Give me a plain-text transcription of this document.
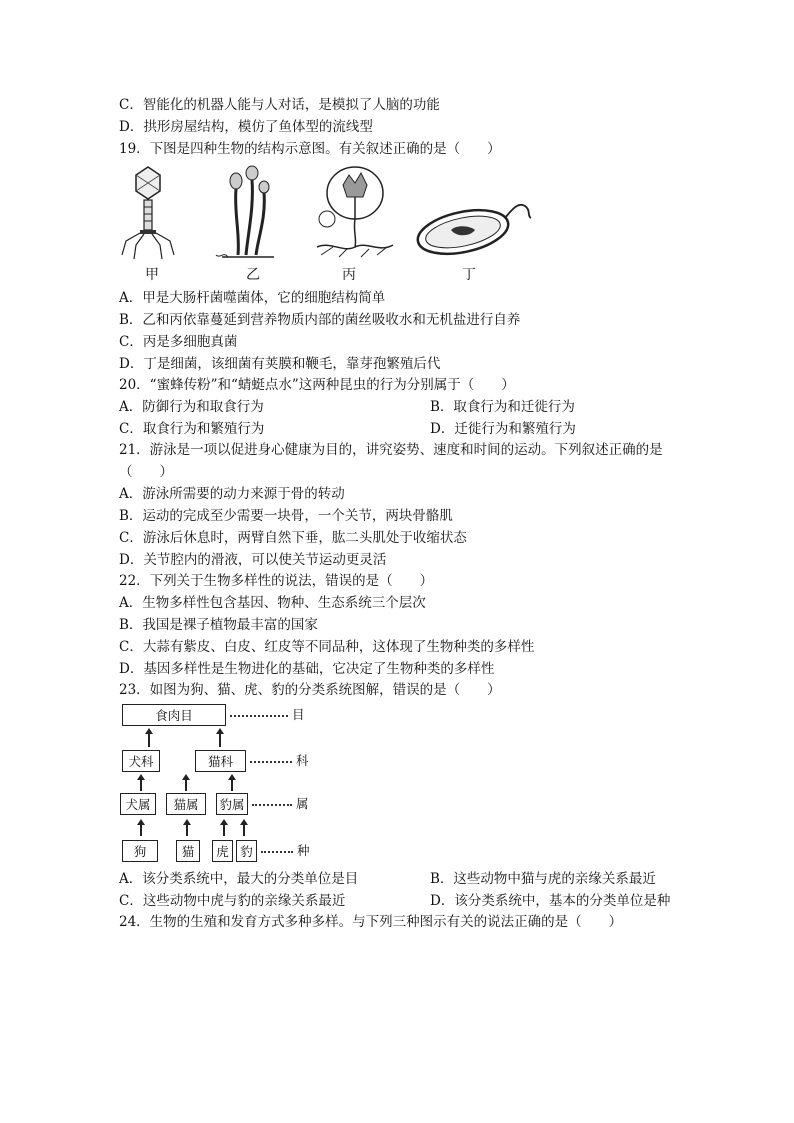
C．智能化的机器人能与人对话，是模拟了人脑的功能
D．拱形房屋结构，模仿了鱼体型的流线型
19．下图是四种生物的结构示意图。有关叙述正确的是（　　）
甲	乙	丙	丁
A．甲是大肠杆菌噬菌体，它的细胞结构简单
B．乙和丙依靠蔓延到营养物质内部的菌丝吸收水和无机盐进行自养
C．丙是多细胞真菌
D．丁是细菌，该细菌有荚膜和鞭毛，靠芽孢繁殖后代
20．“蜜蜂传粉”和“蜻蜓点水”这两种昆虫的行为分别属于（　　）
A．防御行为和取食行为	B．取食行为和迁徙行为
C．取食行为和繁殖行为	D．迁徙行为和繁殖行为
21．游泳是一项以促进身心健康为目的，讲究姿势、速度和时间的运动。下列叙述正确的是
（　　）
A．游泳所需要的动力来源于骨的转动
B．运动的完成至少需要一块骨，一个关节，两块骨骼肌
C．游泳后休息时，两臂自然下垂，肱二头肌处于收缩状态
D．关节腔内的滑液，可以使关节运动更灵活
22．下列关于生物多样性的说法，错误的是（　　）
A．生物多样性包含基因、物种、生态系统三个层次
B．我国是裸子植物最丰富的国家
C．大蒜有紫皮、白皮、红皮等不同品种，这体现了生物种类的多样性
D．基因多样性是生物进化的基础，它决定了生物种类的多样性
23．如图为狗、猫、虎、豹的分类系统图解，错误的是（　　）
食肉目	目
犬科	猫科	科
犬属	猫属	豹属	属
狗	猫	虎 豹	种
A．该分类系统中，最大的分类单位是目	B．这些动物中猫与虎的亲缘关系最近
C．这些动物中虎与豹的亲缘关系最近	D．该分类系统中，基本的分类单位是种
24．生物的生殖和发育方式多种多样。与下列三种图示有关的说法正确的是（　　）
